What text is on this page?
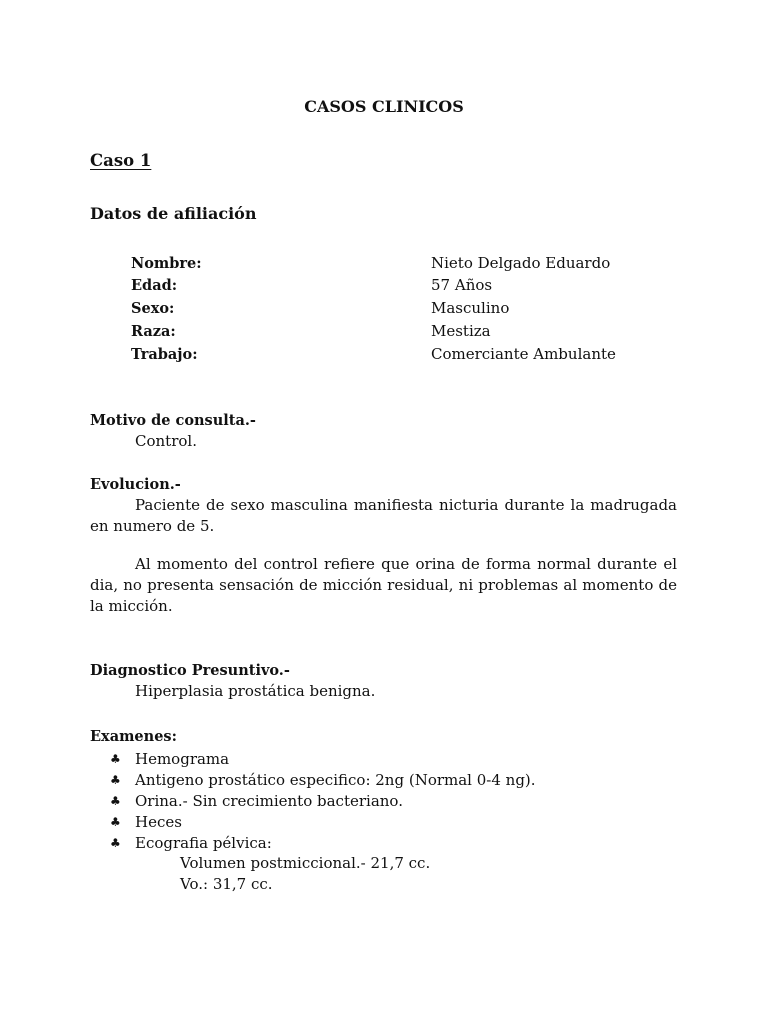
CASOS CLINICOS
Caso 1
Datos de afiliación
Nombre:	Nieto Delgado Eduardo
Edad:	57 Años
Sexo:	Masculino
Raza:	Mestiza
Trabajo:	Comerciante Ambulante
Motivo de consulta.-
Control.
Evolucion.-
Paciente de sexo masculina manifiesta nicturia durante la madrugada en numero de 5.
Al momento del control refiere que orina de forma normal durante el dia, no presenta sensación de micción residual, ni problemas al momento de la micción.
Diagnostico Presuntivo.-
Hiperplasia prostática benigna.
Examenes:
♣ Hemograma
♣ Antigeno prostático especifico: 2ng (Normal 0-4 ng).
♣ Orina.- Sin crecimiento bacteriano.
♣ Heces
♣ Ecografia pélvica:
Volumen postmiccional.- 21,7 cc.
Vo.: 31,7 cc.
